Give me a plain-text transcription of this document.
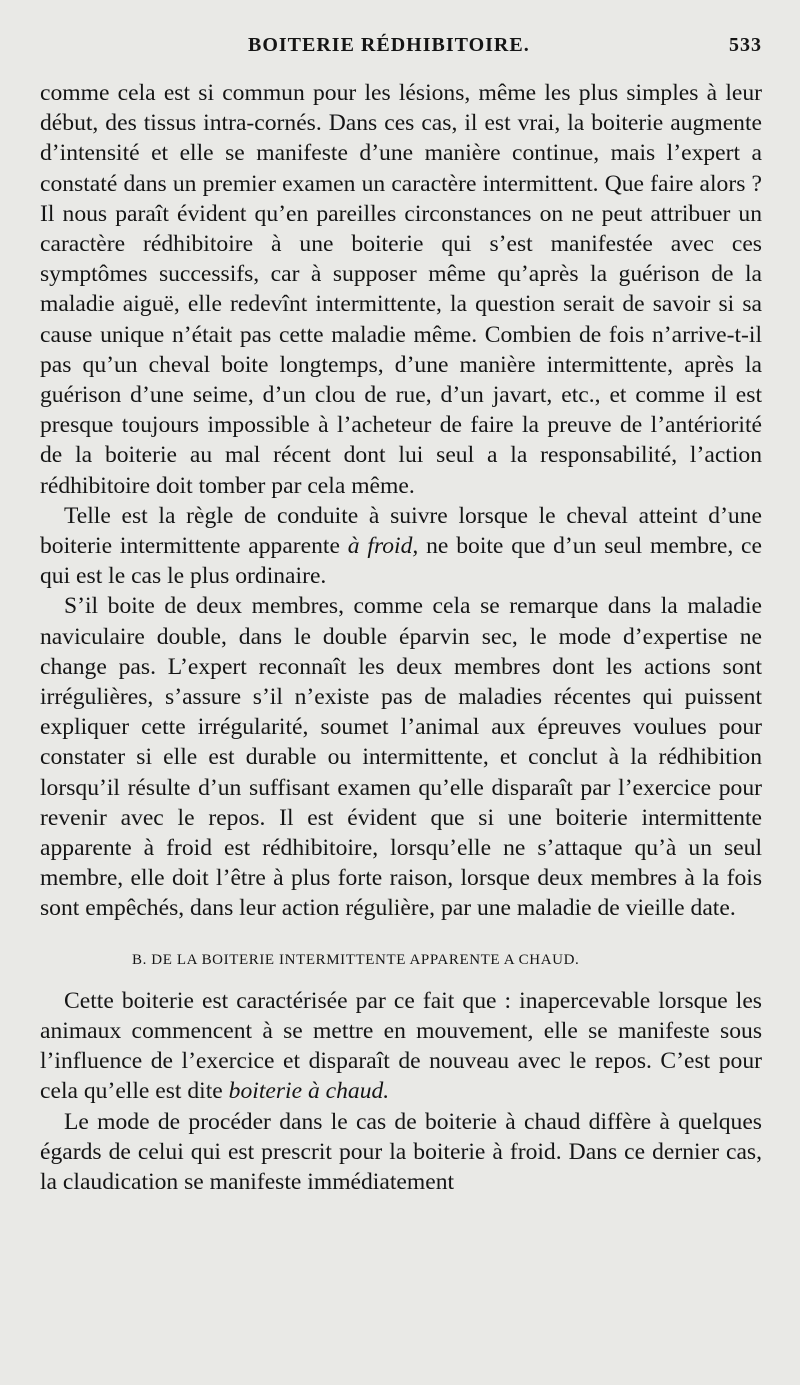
BOITERIE RÉDHIBITOIRE.	533

comme cela est si commun pour les lésions, même les plus simples à leur début, des tissus intra-cornés. Dans ces cas, il est vrai, la boiterie augmente d’intensité et elle se manifeste d’une manière continue, mais l’expert a constaté dans un premier examen un caractère intermittent. Que faire alors ? Il nous paraît évident qu’en pareilles circonstances on ne peut attribuer un caractère rédhibitoire à une boiterie qui s’est manifestée avec ces symptômes successifs, car à supposer même qu’après la guérison de la maladie aiguë, elle redevînt intermittente, la question serait de savoir si sa cause unique n’était pas cette maladie même. Combien de fois n’arrive-t-il pas qu’un cheval boite longtemps, d’une manière intermittente, après la guérison d’une seime, d’un clou de rue, d’un javart, etc., et comme il est presque toujours impossible à l’acheteur de faire la preuve de l’antériorité de la boiterie au mal récent dont lui seul a la responsabilité, l’action rédhibitoire doit tomber par cela même.

Telle est la règle de conduite à suivre lorsque le cheval atteint d’une boiterie intermittente apparente à froid, ne boite que d’un seul membre, ce qui est le cas le plus ordinaire.

S’il boite de deux membres, comme cela se remarque dans la maladie naviculaire double, dans le double éparvin sec, le mode d’expertise ne change pas. L’expert reconnaît les deux membres dont les actions sont irrégulières, s’assure s’il n’existe pas de maladies récentes qui puissent expliquer cette irrégularité, soumet l’animal aux épreuves voulues pour constater si elle est durable ou intermittente, et conclut à la rédhibition lorsqu’il résulte d’un suffisant examen qu’elle disparaît par l’exercice pour revenir avec le repos. Il est évident que si une boiterie intermittente apparente à froid est rédhibitoire, lorsqu’elle ne s’attaque qu’à un seul membre, elle doit l’être à plus forte raison, lorsque deux membres à la fois sont empêchés, dans leur action régulière, par une maladie de vieille date.

B. DE LA BOITERIE INTERMITTENTE APPARENTE A CHAUD.

Cette boiterie est caractérisée par ce fait que : inapercevable lorsque les animaux commencent à se mettre en mouvement, elle se manifeste sous l’influence de l’exercice et disparaît de nouveau avec le repos. C’est pour cela qu’elle est dite boiterie à chaud.

Le mode de procéder dans le cas de boiterie à chaud diffère à quelques égards de celui qui est prescrit pour la boiterie à froid. Dans ce dernier cas, la claudication se manifeste immédiatement
